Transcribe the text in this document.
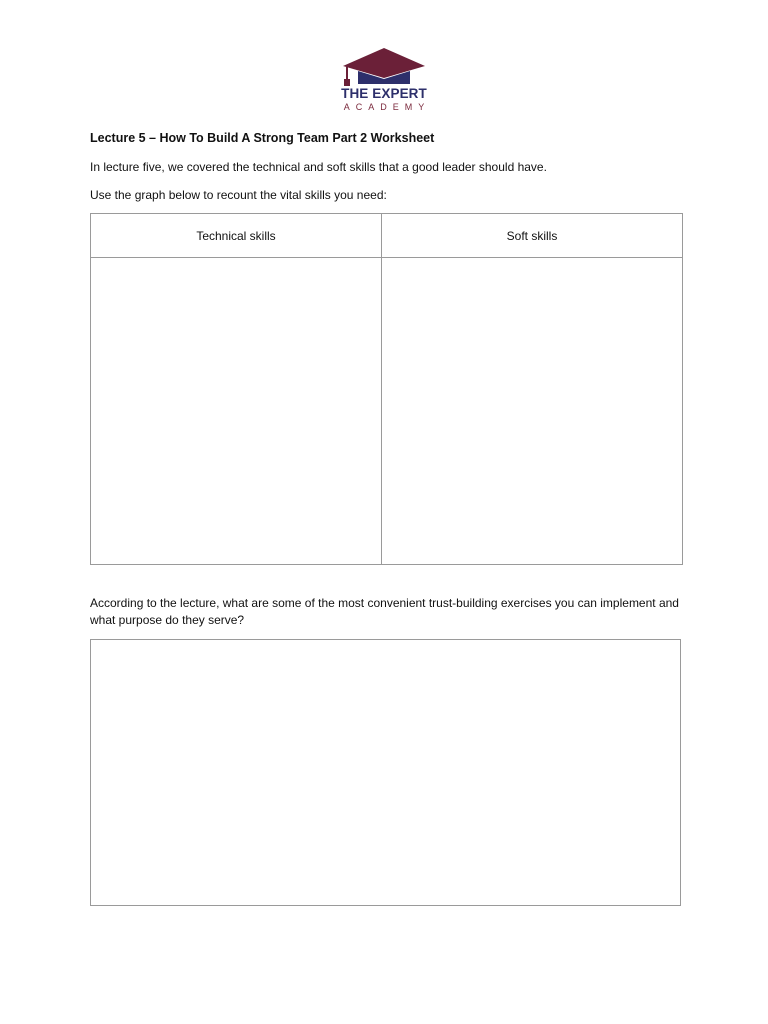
THE EXPERT
ACADEMY
Lecture 5 – How To Build A Strong Team Part 2 Worksheet
In lecture five, we covered the technical and soft skills that a good leader should have.
Use the graph below to recount the vital skills you need:
Technical skills	Soft skills

According to the lecture, what are some of the most convenient trust-building exercises you can implement and what purpose do they serve?
